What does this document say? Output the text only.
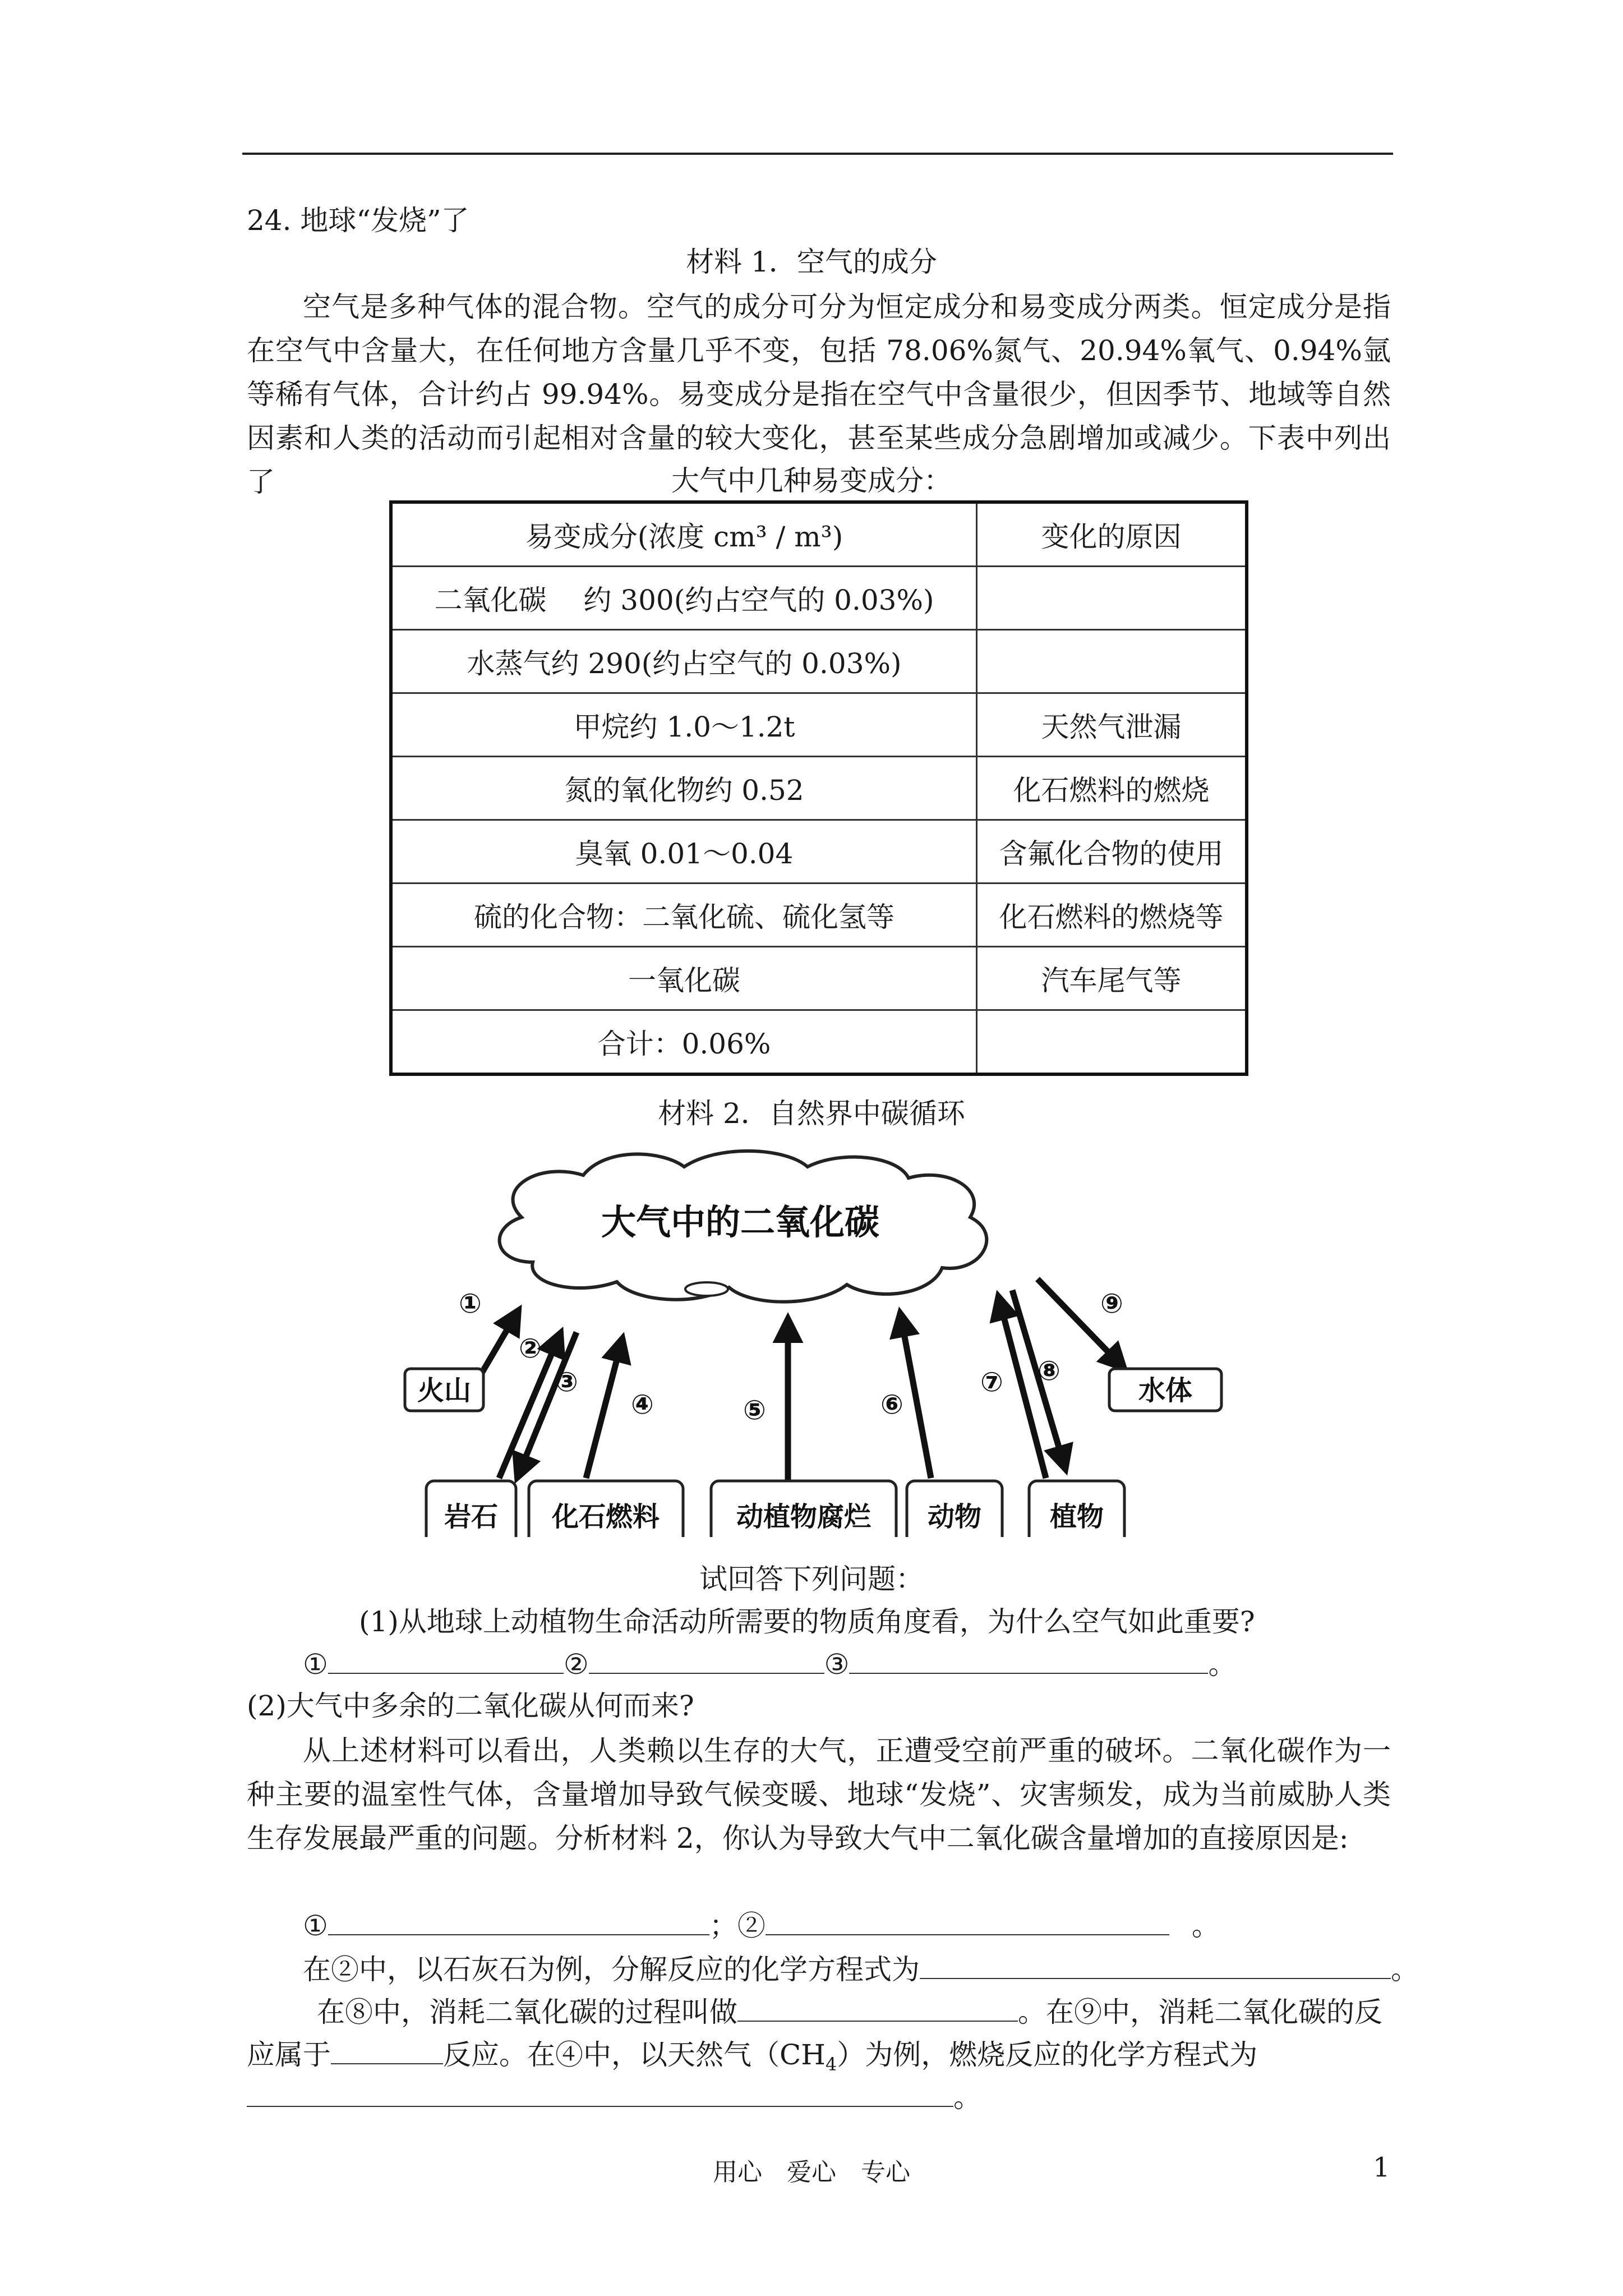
24. 地球“发烧”了
材料 1．空气的成分
空气是多种气体的混合物。空气的成分可分为恒定成分和易变成分两类。恒定成分是指在空气中含量大，在任何地方含量几乎不变，包括 78.06%氮气、20.94%氧气、0.94%氩等稀有气体，合计约占 99.94%。易变成分是指在空气中含量很少，但因季节、地域等自然因素和人类的活动而引起相对含量的较大变化，甚至某些成分急剧增加或减少。下表中列出了	大气中几种易变成分：
易变成分(浓度 cm³ / m³)	变化的原因
二氧化碳　 约 300(约占空气的 0.03%)	
水蒸气约 290(约占空气的 0.03%)	
甲烷约 1.0～1.2t	天然气泄漏
氮的氧化物约 0.52	化石燃料的燃烧
臭氧 0.01～0.04	含氟化合物的使用
硫的化合物：二氧化硫、硫化氢等	化石燃料的燃烧等
一氧化碳	汽车尾气等
合计：0.06%	
材料 2．自然界中碳循环
大气中的二氧化碳
①
②
③
④	⑤	⑥
⑦ ⑧
⑨
火山	水体
岩石 化石燃料	动植物腐烂 动物	植物
试回答下列问题：
(1)从地球上动植物生命活动所需要的物质角度看，为什么空气如此重要?
①	②	③	。
(2)大气中多余的二氧化碳从何而来?
从上述材料可以看出，人类赖以生存的大气，正遭受空前严重的破坏。二氧化碳作为一种主要的温室性气体，含量增加导致气候变暖、地球“发烧”、灾害频发，成为当前威胁人类生存发展最严重的问题。分析材料 2，你认为导致大气中二氧化碳含量增加的直接原因是:
①	；②	。
在②中，以石灰石为例，分解反应的化学方程式为	。
在⑧中，消耗二氧化碳的过程叫做	。在⑨中，消耗二氧化碳的反
应属于	反应。在④中，以天然气$(CH_4)$为例，燃烧反应的化学方程式为
。
用心　爱心　专心	1
